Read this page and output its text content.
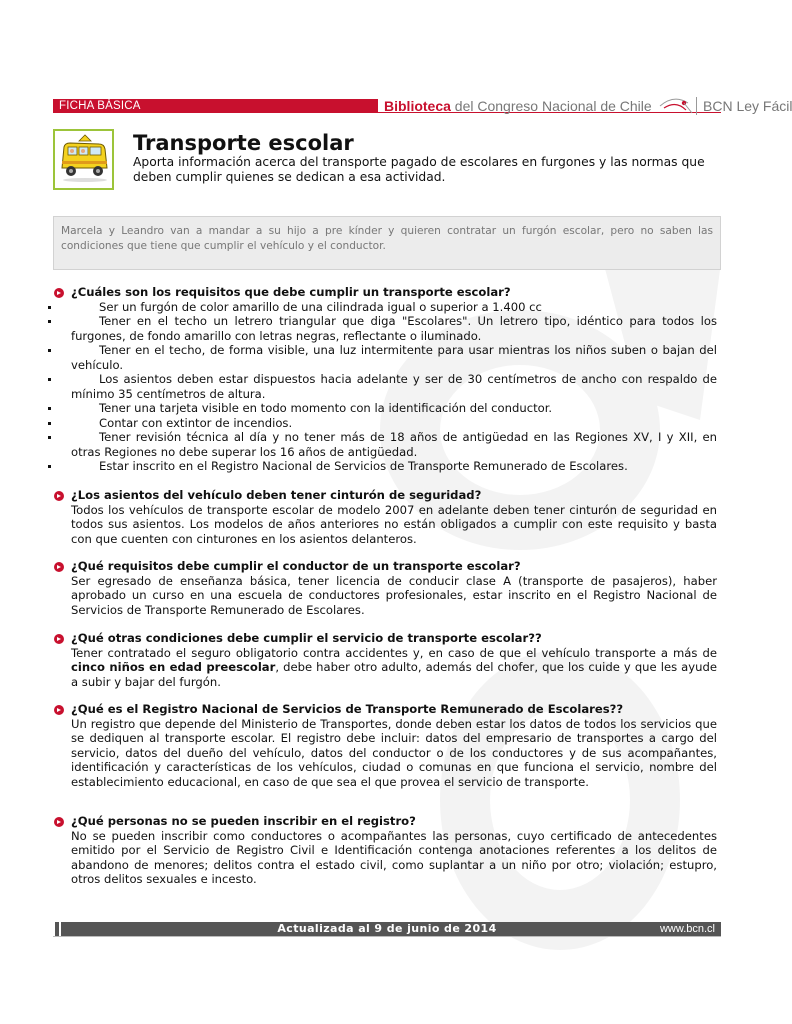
FICHA BÁSICA	Biblioteca del Congreso Nacional de Chile	BCN Ley Fácil
Transporte escolar

Aporta información acerca del transporte pagado de escolares en furgones y las normas que deben cumplir quienes se dedican a esa actividad.

Marcela y Leandro van a mandar a su hijo a pre kínder y quieren contratar un furgón escolar, pero no saben las condiciones que tiene que cumplir el vehículo y el conductor.
¿Cuáles son los requisitos que debe cumplir un transporte escolar?
Ser un furgón de color amarillo de una cilindrada igual o superior a 1.400 cc
Tener en el techo un letrero triangular que diga "Escolares". Un letrero tipo, idéntico para todos los furgones, de fondo amarillo con letras negras, reflectante o iluminado.
Tener en el techo, de forma visible, una luz intermitente para usar mientras los niños suben o bajan del vehículo.
Los asientos deben estar dispuestos hacia adelante y ser de 30 centímetros de ancho con respaldo de mínimo 35 centímetros de altura.
Tener una tarjeta visible en todo momento con la identificación del conductor.
Contar con extintor de incendios.
Tener revisión técnica al día y no tener más de 18 años de antigüedad en las Regiones XV, I y XII, en otras Regiones no debe superar los 16 años de antigüedad.
Estar inscrito en el Registro Nacional de Servicios de Transporte Remunerado de Escolares.
¿Los asientos del vehículo deben tener cinturón de seguridad?
Todos los vehículos de transporte escolar de modelo 2007 en adelante deben tener cinturón de seguridad en todos sus asientos. Los modelos de años anteriores no están obligados a cumplir con este requisito y basta con que cuenten con cinturones en los asientos delanteros.
¿Qué requisitos debe cumplir el conductor de un transporte escolar?
Ser egresado de enseñanza básica, tener licencia de conducir clase A (transporte de pasajeros), haber aprobado un curso en una escuela de conductores profesionales, estar inscrito en el Registro Nacional de Servicios de Transporte Remunerado de Escolares.
¿Qué otras condiciones debe cumplir el servicio de transporte escolar??
Tener contratado el seguro obligatorio contra accidentes y, en caso de que el vehículo transporte a más de cinco niños en edad preescolar, debe haber otro adulto, además del chofer, que los cuide y que les ayude a subir y bajar del furgón.
¿Qué es el Registro Nacional de Servicios de Transporte Remunerado de Escolares??
Un registro que depende del Ministerio de Transportes, donde deben estar los datos de todos los servicios que se dediquen al transporte escolar. El registro debe incluir: datos del empresario de transportes a cargo del servicio, datos del dueño del vehículo, datos del conductor o de los conductores y de sus acompañantes, identificación y características de los vehículos, ciudad o comunas en que funciona el servicio, nombre del establecimiento educacional, en caso de que sea el que provea el servicio de transporte.
¿Qué personas no se pueden inscribir en el registro?
No se pueden inscribir como conductores o acompañantes las personas, cuyo certificado de antecedentes emitido por el Servicio de Registro Civil e Identificación contenga anotaciones referentes a los delitos de abandono de menores; delitos contra el estado civil, como suplantar a un niño por otro; violación; estupro, otros delitos sexuales e incesto.
Actualizada al 9 de junio de 2014	www.bcn.cl
